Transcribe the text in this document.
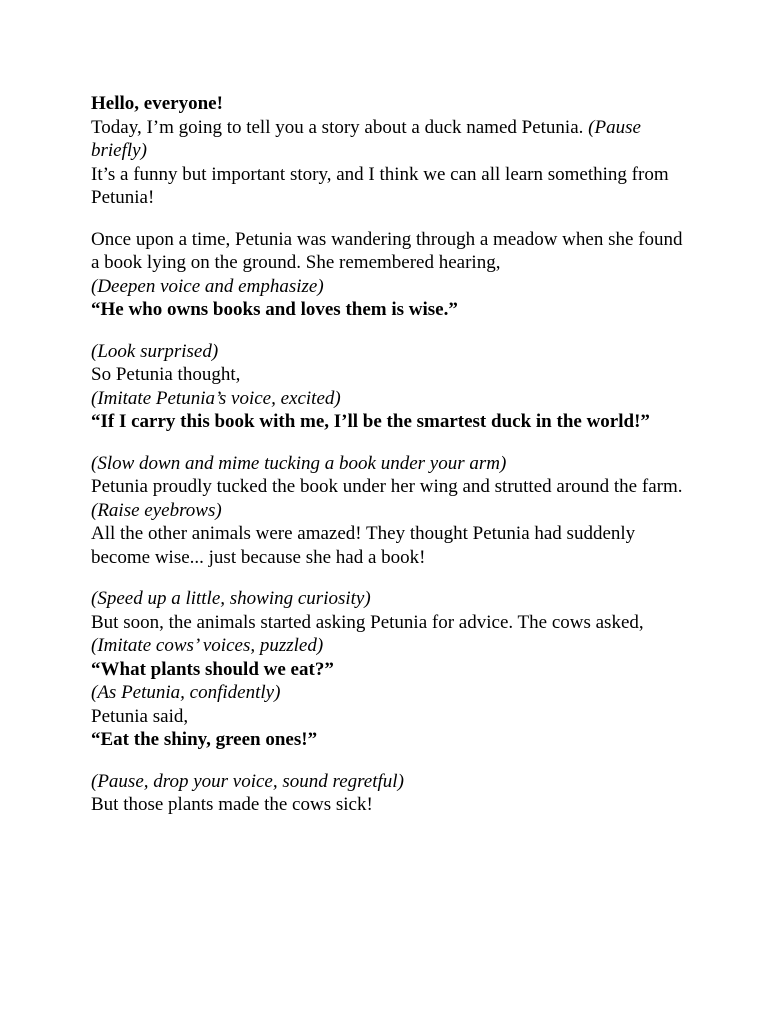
Hello, everyone!
Today, I’m going to tell you a story about a duck named Petunia. (Pause briefly)
It’s a funny but important story, and I think we can all learn something from Petunia!
Once upon a time, Petunia was wandering through a meadow when she found a book lying on the ground. She remembered hearing,
(Deepen voice and emphasize)
“He who owns books and loves them is wise.”
(Look surprised)
So Petunia thought,
(Imitate Petunia’s voice, excited)
“If I carry this book with me, I’ll be the smartest duck in the world!”
(Slow down and mime tucking a book under your arm)
Petunia proudly tucked the book under her wing and strutted around the farm.
(Raise eyebrows)
All the other animals were amazed! They thought Petunia had suddenly become wise... just because she had a book!
(Speed up a little, showing curiosity)
But soon, the animals started asking Petunia for advice. The cows asked,
(Imitate cows’ voices, puzzled)
“What plants should we eat?”
(As Petunia, confidently)
Petunia said,
“Eat the shiny, green ones!”
(Pause, drop your voice, sound regretful)
But those plants made the cows sick!
